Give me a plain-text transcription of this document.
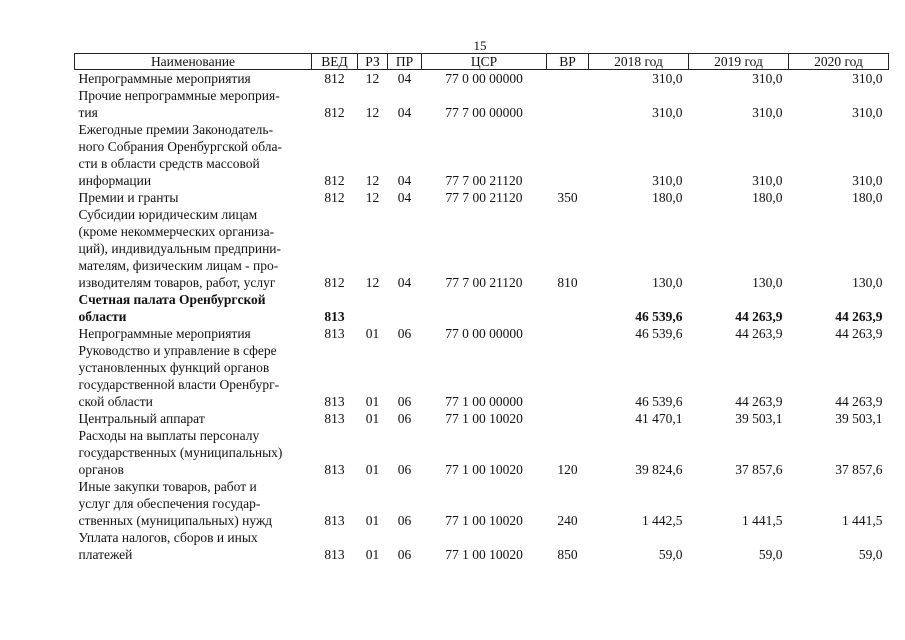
15
Наименование	ВЕД	РЗ	ПР	ЦСР	ВР	2018 год	2019 год	2020 год
Непрограммные мероприятия	812	12	04	77 0 00 00000		310,0	310,0	310,0
Прочие непрограммные мероприя-
тия	812	12	04	77 7 00 00000		310,0	310,0	310,0
Ежегодные премии Законодатель-
ного Собрания Оренбургской обла-
сти в области средств массовой
информации	812	12	04	77 7 00 21120		310,0	310,0	310,0
Премии и гранты	812	12	04	77 7 00 21120	350	180,0	180,0	180,0
Субсидии юридическим лицам
(кроме некоммерческих организа-
ций), индивидуальным предприни-
мателям, физическим лицам - про-
изводителям товаров, работ, услуг	812	12	04	77 7 00 21120	810	130,0	130,0	130,0
Счетная палата Оренбургской
области	813					46 539,6	44 263,9	44 263,9
Непрограммные мероприятия	813	01	06	77 0 00 00000		46 539,6	44 263,9	44 263,9
Руководство и управление в сфере
установленных функций органов
государственной власти Оренбург-
ской области	813	01	06	77 1 00 00000		46 539,6	44 263,9	44 263,9
Центральный аппарат	813	01	06	77 1 00 10020		41 470,1	39 503,1	39 503,1
Расходы на выплаты персоналу
государственных (муниципальных)
органов	813	01	06	77 1 00 10020	120	39 824,6	37 857,6	37 857,6
Иные закупки товаров, работ и
услуг для обеспечения государ-
ственных (муниципальных) нужд	813	01	06	77 1 00 10020	240	1 442,5	1 441,5	1 441,5
Уплата налогов, сборов и иных
платежей	813	01	06	77 1 00 10020	850	59,0	59,0	59,0
